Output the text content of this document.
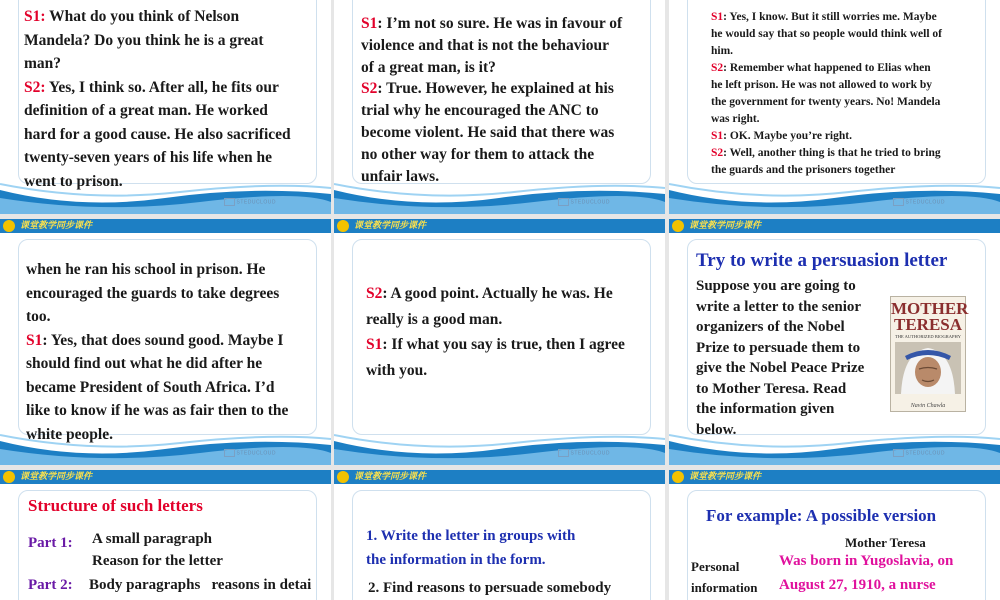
S1: What do you think of Nelson

Mandela? Do you think he is a great

man?

S2: Yes, I think so. After all, he fits our

definition of a great man. He worked

hard for a good cause. He also sacrificed

twenty-seven years of his life when he

went to prison.

STEDUCLOUD

S1: I’m not so sure. He was in favour of

violence and that is not the behaviour

of a great man, is it?

S2: True. However, he explained at his

trial why he encouraged the ANC to

become violent. He said that there was

no other way for them to attack the

unfair laws.

STEDUCLOUD

S1: Yes, I know. But it still worries me. Maybe

he would say that so people would think well of

him.

S2: Remember what happened to Elias when

he left prison. He was not allowed to work by

the government for twenty years. No! Mandela

was right.

S1: OK. Maybe you’re right.

S2: Well, another thing is that he tried to bring

the guards and the prisoners together

STEDUCLOUD
课堂教学同步课件

when he ran his school in prison. He

encouraged the guards to take degrees

too.

S1: Yes, that does sound good. Maybe I

should find out what he did after he

became President of South Africa. I’d

like to know if he was as fair then to the

white people.

STEDUCLOUD
课堂教学同步课件

S2: A good point. Actually he was. He

really is a good man.

S1: If what you say is true, then I agree

with you.

STEDUCLOUD
课堂教学同步课件
Try to write a persuasion letter

Suppose you are going to

write a letter to the senior

organizers of the Nobel

Prize to persuade them to

give the Nobel Peace Prize

to Mother Teresa. Read

the information given

below.

MOTHER
TERESA
THE AUTHORIZED BIOGRAPHY
Navin Chawla
STEDUCLOUD
课堂教学同步课件
Structure of such letters
Part 1: A small paragraph
Reason for the letter
Part 2: Body paragraphs   reasons in detai
课堂教学同步课件
1. Write the letter in groups with
the information in the form.
2. Find reasons to persuade somebody
课堂教学同步课件
For example: A possible version
Mother Teresa
Personal
information
Was born in Yugoslavia, on
August 27, 1910, a nurse
